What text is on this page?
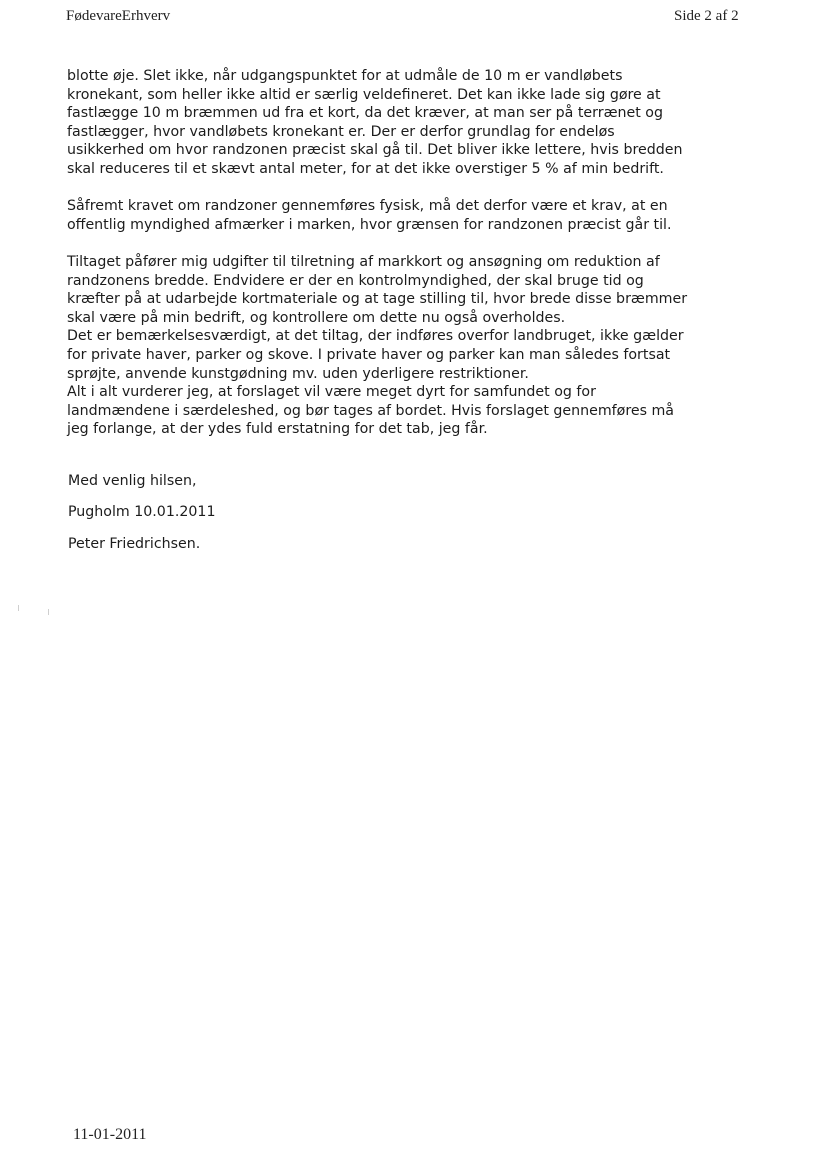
FødevareErhverv	Side 2 af 2

blotte øje. Slet ikke, når udgangspunktet for at udmåle de 10 m er vandløbets
kronekant, som heller ikke altid er særlig veldefineret. Det kan ikke lade sig gøre at
fastlægge 10 m bræmmen ud fra et kort, da det kræver, at man ser på terrænet og
fastlægger, hvor vandløbets kronekant er. Der er derfor grundlag for endeløs
usikkerhed om hvor randzonen præcist skal gå til. Det bliver ikke lettere, hvis bredden
skal reduceres til et skævt antal meter, for at det ikke overstiger 5 % af min bedrift.

Såfremt kravet om randzoner gennemføres fysisk, må det derfor være et krav, at en
offentlig myndighed afmærker i marken, hvor grænsen for randzonen præcist går til.

Tiltaget påfører mig udgifter til tilretning af markkort og ansøgning om reduktion af
randzonens bredde. Endvidere er der en kontrolmyndighed, der skal bruge tid og
kræfter på at udarbejde kortmateriale og at tage stilling til, hvor brede disse bræmmer
skal være på min bedrift, og kontrollere om dette nu også overholdes.
Det er bemærkelsesværdigt, at det tiltag, der indføres overfor landbruget, ikke gælder
for private haver, parker og skove. I private haver og parker kan man således fortsat
sprøjte, anvende kunstgødning mv. uden yderligere restriktioner.
Alt i alt vurderer jeg, at forslaget vil være meget dyrt for samfundet og for
landmændene i særdeleshed, og bør tages af bordet. Hvis forslaget gennemføres må
jeg forlange, at der ydes fuld erstatning for det tab, jeg får.

Med venlig hilsen,
Pugholm 10.01.2011
Peter Friedrichsen.
11-01-2011
